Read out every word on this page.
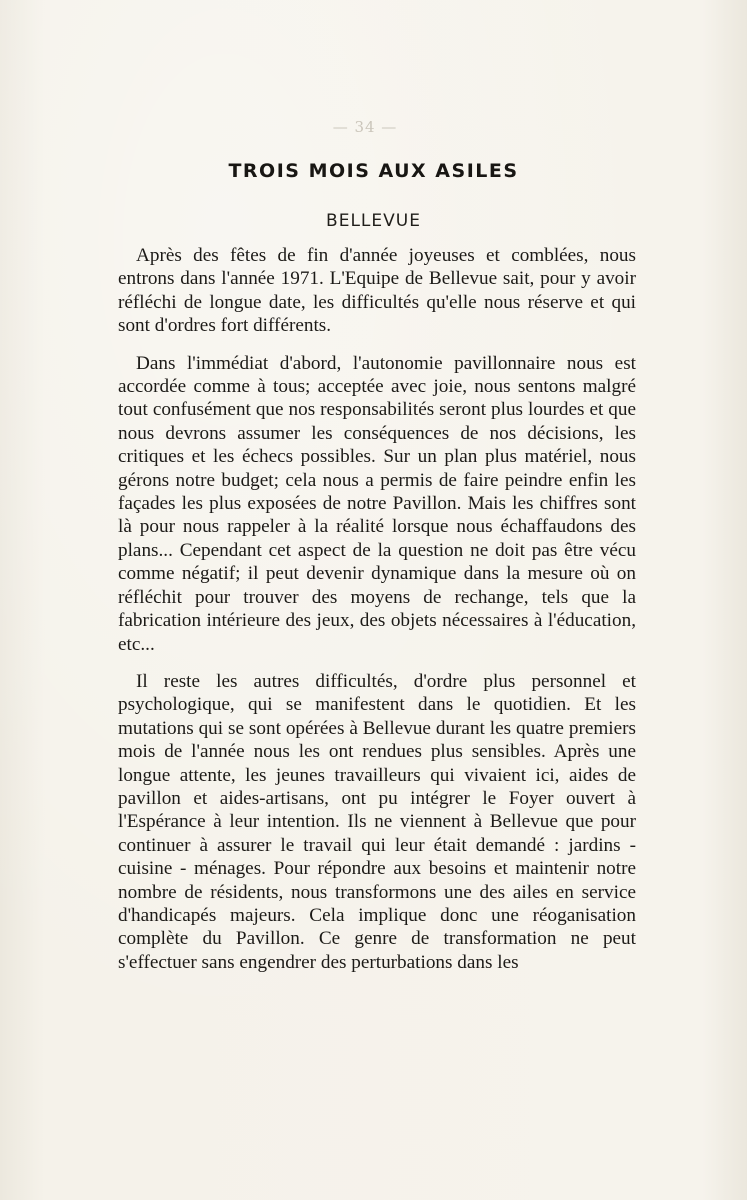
— 34 —
TROIS MOIS AUX ASILES
BELLEVUE

Après des fêtes de fin d'année joyeuses et comblées, nous entrons dans l'année 1971. L'Equipe de Bellevue sait, pour y avoir réfléchi de longue date, les difficultés qu'elle nous réserve et qui sont d'ordres fort différents.

Dans l'immédiat d'abord, l'autonomie pavillonnaire nous est accordée comme à tous; acceptée avec joie, nous sentons malgré tout confusément que nos responsabilités seront plus lourdes et que nous devrons assumer les conséquences de nos décisions, les critiques et les échecs possibles. Sur un plan plus matériel, nous gérons notre budget; cela nous a permis de faire peindre enfin les façades les plus exposées de notre Pavillon. Mais les chiffres sont là pour nous rappeler à la réalité lorsque nous échaffaudons des plans... Cependant cet aspect de la question ne doit pas être vécu comme négatif; il peut devenir dynamique dans la mesure où on réfléchit pour trouver des moyens de rechange, tels que la fabrication intérieure des jeux, des objets nécessaires à l'éducation, etc...

Il reste les autres difficultés, d'ordre plus personnel et psychologique, qui se manifestent dans le quotidien. Et les mutations qui se sont opérées à Bellevue durant les quatre premiers mois de l'année nous les ont rendues plus sensibles. Après une longue attente, les jeunes travailleurs qui vivaient ici, aides de pavillon et aides-artisans, ont pu intégrer le Foyer ouvert à l'Espérance à leur intention. Ils ne viennent à Bellevue que pour continuer à assurer le travail qui leur était demandé : jardins - cuisine - ménages. Pour répondre aux besoins et maintenir notre nombre de résidents, nous transformons une des ailes en service d'handicapés majeurs. Cela implique donc une réoganisation complète du Pavillon. Ce genre de transformation ne peut s'effectuer sans engendrer des perturbations dans les
